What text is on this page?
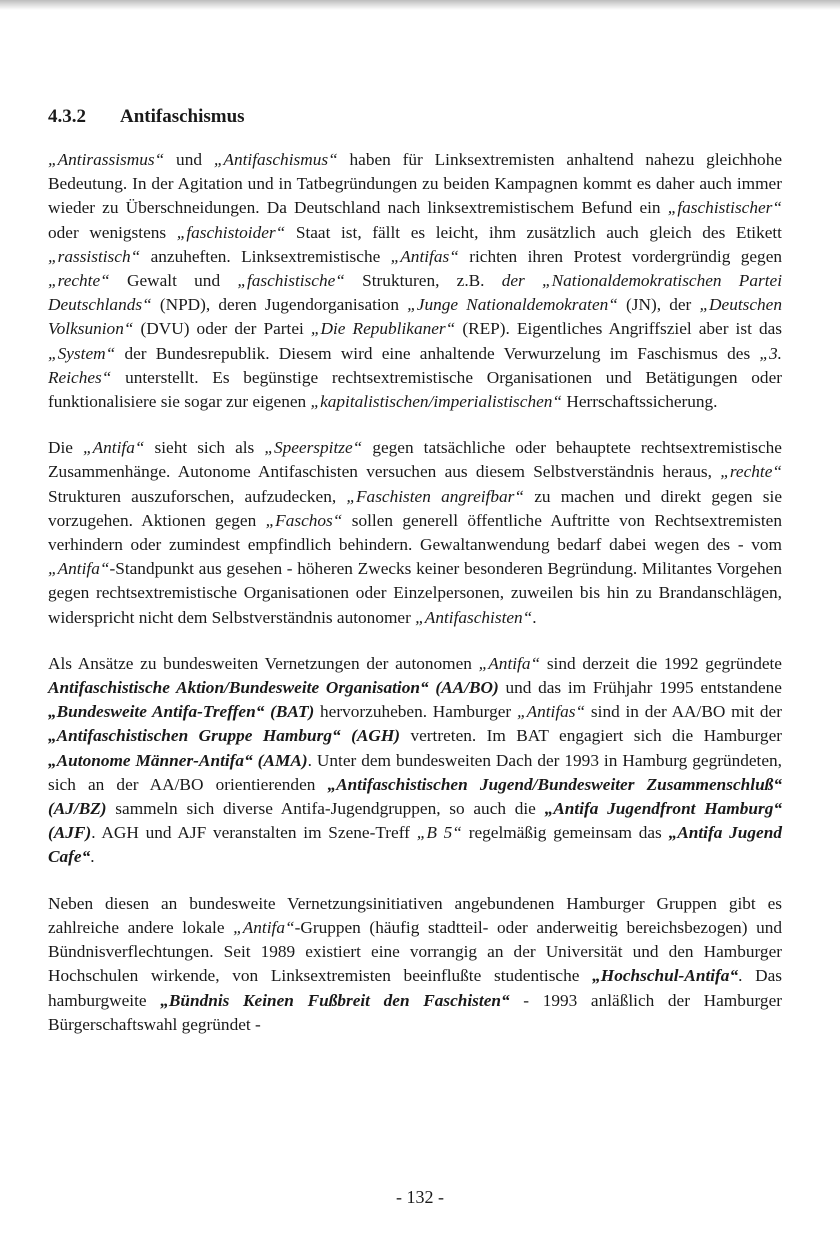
4.3.2	Antifaschismus

„Antirassismus“ und „Antifaschismus“ haben für Linksextremisten anhaltend nahezu gleichhohe Bedeutung. In der Agitation und in Tatbegründungen zu beiden Kampagnen kommt es daher auch immer wieder zu Überschneidungen. Da Deutschland nach linksextremistischem Befund ein „faschistischer“ oder wenigstens „faschistoider“ Staat ist, fällt es leicht, ihm zusätzlich auch gleich des Etikett „rassistisch“ anzuheften. Linksextremistische „Antifas“ richten ihren Protest vordergründig gegen „rechte“ Gewalt und „faschistische“ Strukturen, z.B. der „Nationaldemokratischen Partei Deutschlands“ (NPD), deren Jugendorganisation „Junge Nationaldemokraten“ (JN), der „Deutschen Volksunion“ (DVU) oder der Partei „Die Republikaner“ (REP). Eigentliches Angriffsziel aber ist das „System“ der Bundesrepublik. Diesem wird eine anhaltende Verwurzelung im Faschismus des „3. Reiches“ unterstellt. Es begünstige rechtsextremistische Organisationen und Betätigungen oder funktionalisiere sie sogar zur eigenen „kapitalistischen/imperialistischen“ Herrschaftssicherung.

Die „Antifa“ sieht sich als „Speerspitze“ gegen tatsächliche oder behauptete rechtsextremistische Zusammenhänge. Autonome Antifaschisten versuchen aus diesem Selbstverständnis heraus, „rechte“ Strukturen auszuforschen, aufzudecken, „Faschisten angreifbar“ zu machen und direkt gegen sie vorzugehen. Aktionen gegen „Faschos“ sollen generell öffentliche Auftritte von Rechtsextremisten verhindern oder zumindest empfindlich behindern. Gewaltanwendung bedarf dabei wegen des - vom „Antifa“-Standpunkt aus gesehen - höheren Zwecks keiner besonderen Begründung. Militantes Vorgehen gegen rechtsextremistische Organisationen oder Einzelpersonen, zuweilen bis hin zu Brandanschlägen, widerspricht nicht dem Selbstverständnis autonomer „Antifaschisten“.

Als Ansätze zu bundesweiten Vernetzungen der autonomen „Antifa“ sind derzeit die 1992 gegründete Antifaschistische Aktion/Bundesweite Organisation“ (AA/BO) und das im Frühjahr 1995 entstandene „Bundesweite Antifa-Treffen“ (BAT) hervorzuheben. Hamburger „Antifas“ sind in der AA/BO mit der „Antifaschistischen Gruppe Hamburg“ (AGH) vertreten. Im BAT engagiert sich die Hamburger „Autonome Männer-Antifa“ (AMA). Unter dem bundesweiten Dach der 1993 in Hamburg gegründeten, sich an der AA/BO orientierenden „Antifaschistischen Jugend/Bundesweiter Zusammenschluß“ (AJ/BZ) sammeln sich diverse Antifa-Jugendgruppen, so auch die „Antifa Jugendfront Hamburg“ (AJF). AGH und AJF veranstalten im Szene-Treff „B 5“ regelmäßig gemeinsam das „Antifa Jugend Cafe“.

Neben diesen an bundesweite Vernetzungsinitiativen angebundenen Hamburger Gruppen gibt es zahlreiche andere lokale „Antifa“-Gruppen (häufig stadtteil- oder anderweitig bereichsbezogen) und Bündnisverflechtungen. Seit 1989 existiert eine vorrangig an der Universität und den Hamburger Hochschulen wirkende, von Linksextremisten beeinflußte studentische „Hochschul-Antifa“. Das hamburgweite „Bündnis Keinen Fußbreit den Faschisten“ - 1993 anläßlich der Hamburger Bürgerschaftswahl gegründet -

- 132 -
